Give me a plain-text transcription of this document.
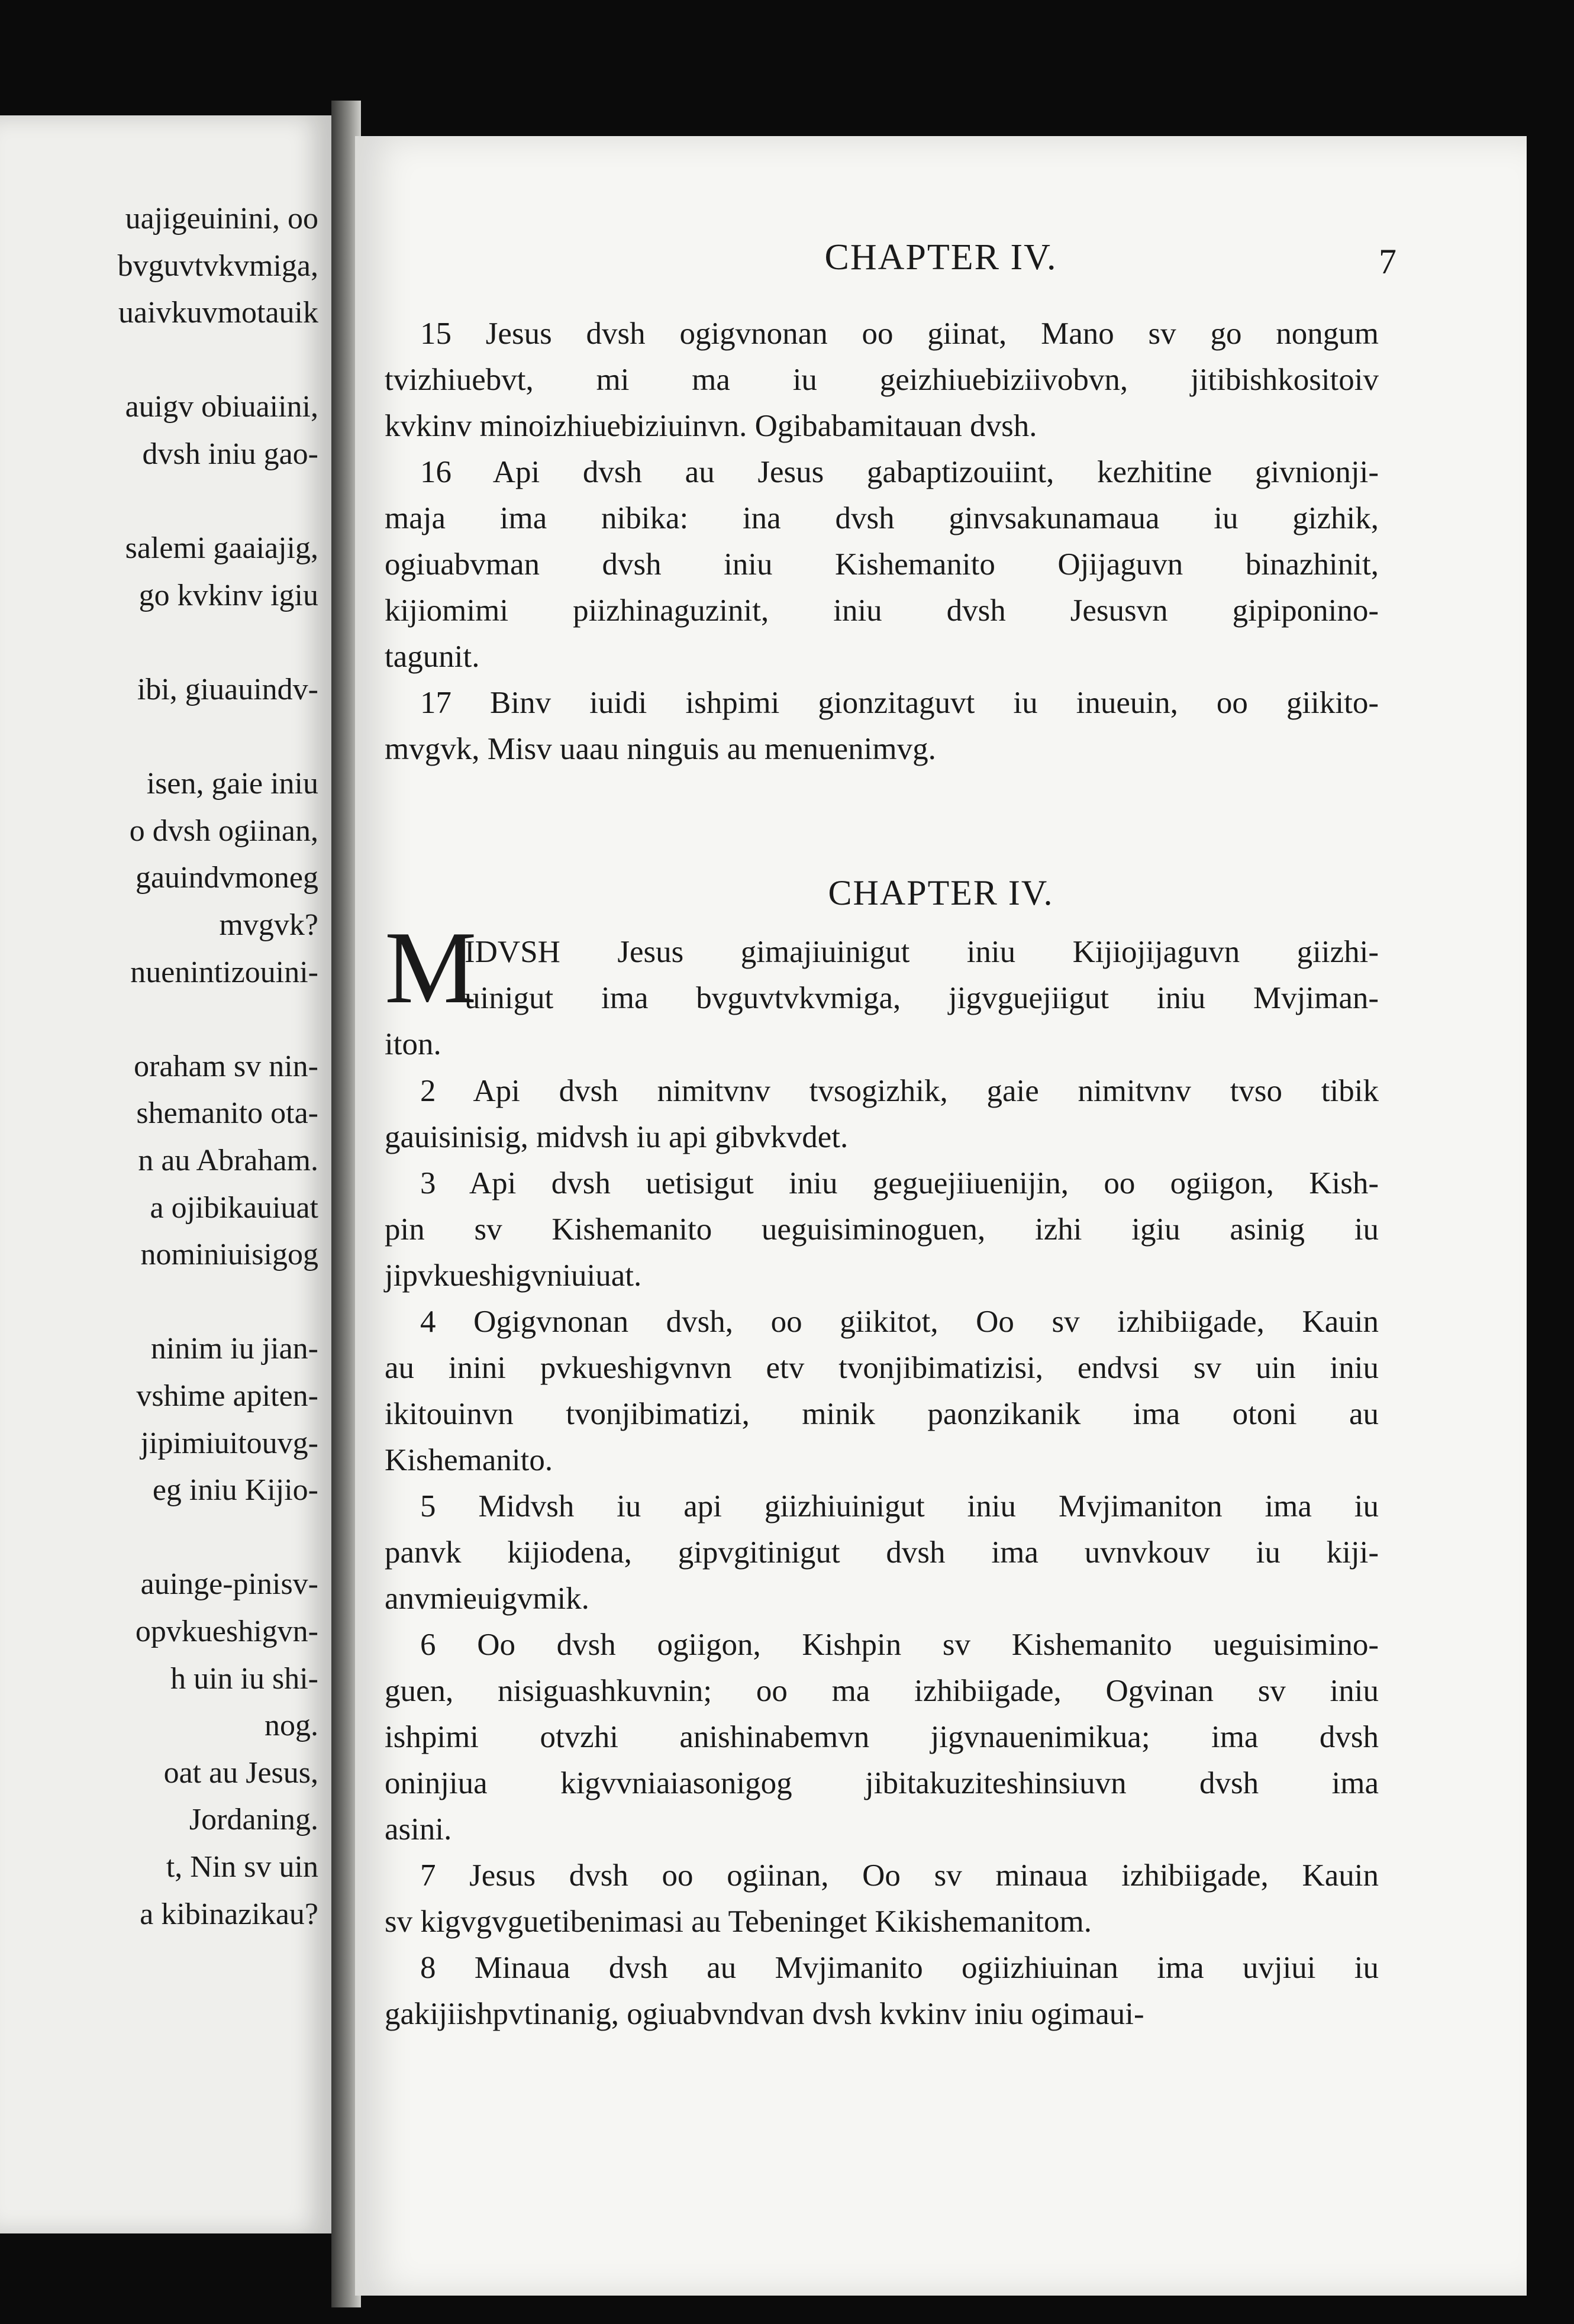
uajigeuinini, oo
bvguvtvkvmiga,
uaivkuvmotauik
auigv obiuaiini,
dvsh iniu gao-
salemi gaaiajig,
go kvkinv igiu
ibi, giuauindv-
isen, gaie iniu
o dvsh ogiinan,
gauindvmoneg
mvgvk?
nuenintizouini-
oraham sv nin-
shemanito ota-
n au Abraham.
a ojibikauiuat
nominiuisigog
ninim iu jian-
vshime apiten-
jipimiuitouvg-
eg iniu Kijio-
auinge-pinisv-
opvkueshigvn-
h uin iu shi-
nog.
oat au Jesus,
Jordaning.
t, Nin sv uin
a kibinazikau?
CHAPTER IV.	7
15 Jesus dvsh ogigvnonan oo giinat, Mano sv go nongum
tvizhiuebvt, mi ma iu geizhiuebiziivobvn, jitibishkositoiv
kvkinv minoizhiuebiziuinvn. Ogibabamitauan dvsh.
16 Api dvsh au Jesus gabaptizouiint, kezhitine givnionji-
maja ima nibika: ina dvsh ginvsakunamaua iu gizhik,
ogiuabvman dvsh iniu Kishemanito Ojijaguvn binazhinit,
kijiomimi piizhinaguzinit, iniu dvsh Jesusvn gipiponino-
tagunit.
17 Binv iuidi ishpimi gionzitaguvt iu inueuin, oo giikito-
mvgvk, Misv uaau ninguis au menuenimvg.
CHAPTER IV.
M
IDVSH Jesus gimajiuinigut iniu Kijiojijaguvn giizhi-
uinigut ima bvguvtvkvmiga, jigvguejiigut iniu Mvjiman-
iton.
2 Api dvsh nimitvnv tvsogizhik, gaie nimitvnv tvso tibik
gauisinisig, midvsh iu api gibvkvdet.
3 Api dvsh uetisigut iniu geguejiiuenijin, oo ogiigon, Kish-
pin sv Kishemanito ueguisiminoguen, izhi igiu asinig iu
jipvkueshigvniuiuat.
4 Ogigvnonan dvsh, oo giikitot, Oo sv izhibiigade, Kauin
au inini pvkueshigvnvn etv tvonjibimatizisi, endvsi sv uin iniu
ikitouinvn tvonjibimatizi, minik paonzikanik ima otoni au
Kishemanito.
5 Midvsh iu api giizhiuinigut iniu Mvjimaniton ima iu
panvk kijiodena, gipvgitinigut dvsh ima uvnvkouv iu kiji-
anvmieuigvmik.
6 Oo dvsh ogiigon, Kishpin sv Kishemanito ueguisimino-
guen, nisiguashkuvnin; oo ma izhibiigade, Ogvinan sv iniu
ishpimi otvzhi anishinabemvn jigvnauenimikua; ima dvsh
oninjiua kigvvniaiasonigog jibitakuziteshinsiuvn dvsh ima
asini.
7 Jesus dvsh oo ogiinan, Oo sv minaua izhibiigade, Kauin
sv kigvgvguetibenimasi au Tebeninget Kikishemanitom.
8 Minaua dvsh au Mvjimanito ogiizhiuinan ima uvjiui iu
gakijiishpvtinanig, ogiuabvndvan dvsh kvkinv iniu ogimaui-
